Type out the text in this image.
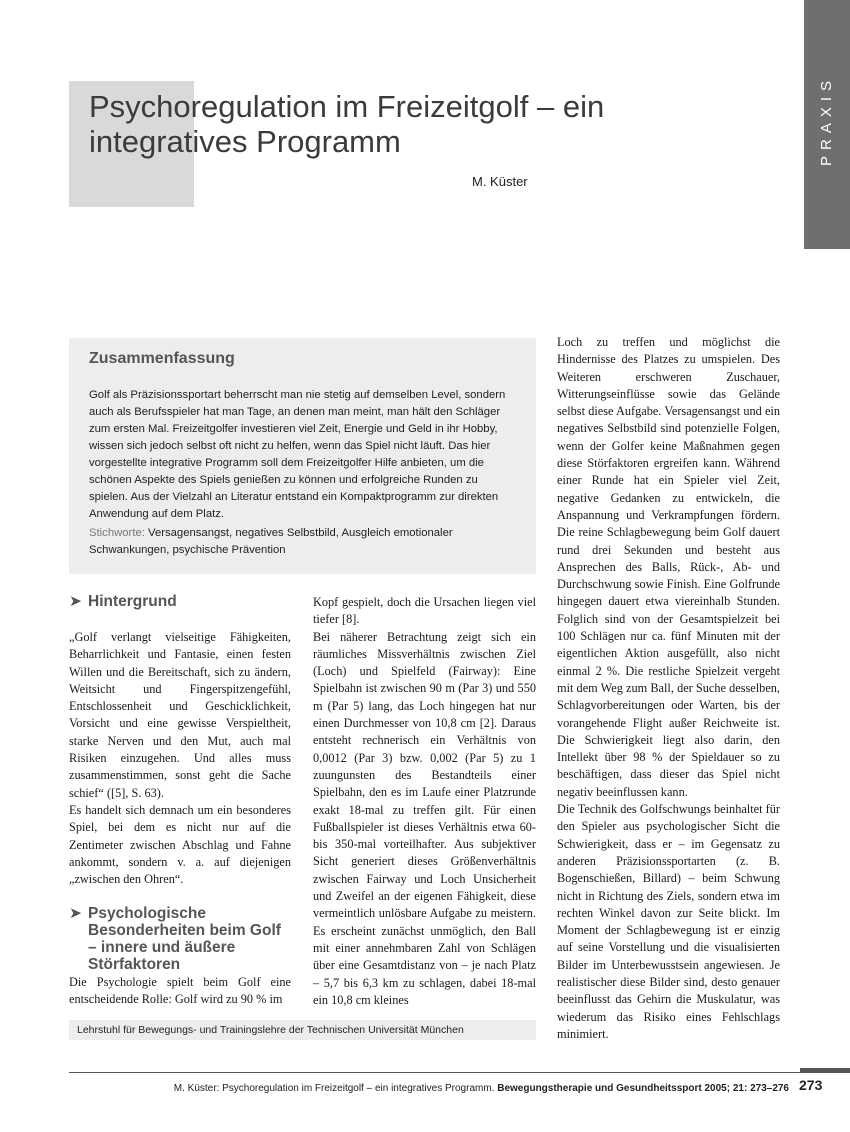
PRAXIS
Psychoregulation im Freizeitgolf – ein integratives Programm
M. Küster
Zusammenfassung

Golf als Präzisionssportart beherrscht man nie stetig auf demselben Level, sondern auch als Berufsspieler hat man Tage, an denen man meint, man hält den Schläger zum ersten Mal. Freizeitgolfer investieren viel Zeit, Energie und Geld in ihr Hobby, wissen sich jedoch selbst oft nicht zu helfen, wenn das Spiel nicht läuft. Das hier vorgestellte integrative Programm soll dem Freizeitgolfer Hilfe anbieten, um die schönen Aspekte des Spiels genießen zu können und erfolgreiche Runden zu spielen. Aus der Vielzahl an Literatur entstand ein Kompaktprogramm zur direkten Anwendung auf dem Platz.

Stichworte: Versagensangst, negatives Selbstbild, Ausgleich emotionaler Schwankungen, psychische Prävention

➤ Hintergrund

„Golf verlangt vielseitige Fähigkeiten, Beharrlichkeit und Fantasie, einen festen Willen und die Bereitschaft, sich zu ändern, Weitsicht und Fingerspitzengefühl, Entschlossenheit und Geschicklichkeit, Vorsicht und eine gewisse Verspieltheit, starke Nerven und den Mut, auch mal Risiken einzugehen. Und alles muss zusammenstimmen, sonst geht die Sache schief“ ([5], S. 63).

Es handelt sich demnach um ein besonderes Spiel, bei dem es nicht nur auf die Zentimeter zwischen Abschlag und Fahne ankommt, sondern v. a. auf diejenigen „zwischen den Ohren“.

➤ Psychologische Besonderheiten beim Golf – innere und äußere Störfaktoren

Die Psychologie spielt beim Golf eine entscheidende Rolle: Golf wird zu 90 % im

Kopf gespielt, doch die Ursachen liegen viel tiefer [8].

Bei näherer Betrachtung zeigt sich ein räumliches Missverhältnis zwischen Ziel (Loch) und Spielfeld (Fairway): Eine Spielbahn ist zwischen 90 m (Par 3) und 550 m (Par 5) lang, das Loch hingegen hat nur einen Durchmesser von 10,8 cm [2]. Daraus entsteht rechnerisch ein Verhältnis von 0,0012 (Par 3) bzw. 0,002 (Par 5) zu 1 zuungunsten des Bestandteils einer Spielbahn, den es im Laufe einer Platzrunde exakt 18-mal zu treffen gilt. Für einen Fußballspieler ist dieses Verhältnis etwa 60- bis 350-mal vorteilhafter. Aus subjektiver Sicht generiert dieses Größenverhältnis zwischen Fairway und Loch Unsicherheit und Zweifel an der eigenen Fähigkeit, diese vermeintlich unlösbare Aufgabe zu meistern. Es erscheint zunächst unmöglich, den Ball mit einer annehmbaren Zahl von Schlägen über eine Gesamtdistanz von – je nach Platz – 5,7 bis 6,3 km zu schlagen, dabei 18-mal ein 10,8 cm kleines

Loch zu treffen und möglichst die Hindernisse des Platzes zu umspielen. Des Weiteren erschweren Zuschauer, Witterungseinflüsse sowie das Gelände selbst diese Aufgabe. Versagensangst und ein negatives Selbstbild sind potenzielle Folgen, wenn der Golfer keine Maßnahmen gegen diese Störfaktoren ergreifen kann. Während einer Runde hat ein Spieler viel Zeit, negative Gedanken zu entwickeln, die Anspannung und Verkrampfungen fördern. Die reine Schlagbewegung beim Golf dauert rund drei Sekunden und besteht aus Ansprechen des Balls, Rück-, Ab- und Durchschwung sowie Finish. Eine Golfrunde hingegen dauert etwa viereinhalb Stunden. Folglich sind von der Gesamtspielzeit bei 100 Schlägen nur ca. fünf Minuten mit der eigentlichen Aktion ausgefüllt, also nicht einmal 2 %. Die restliche Spielzeit vergeht mit dem Weg zum Ball, der Suche desselben, Schlagvorbereitungen oder Warten, bis der vorangehende Flight außer Reichweite ist. Die Schwierigkeit liegt also darin, den Intellekt über 98 % der Spieldauer so zu beschäftigen, dass dieser das Spiel nicht negativ beeinflussen kann.

Die Technik des Golfschwungs beinhaltet für den Spieler aus psychologischer Sicht die Schwierigkeit, dass er – im Gegensatz zu anderen Präzisionssportarten (z. B. Bogenschießen, Billard) – beim Schwung nicht in Richtung des Ziels, sondern etwa im rechten Winkel davon zur Seite blickt. Im Moment der Schlagbewegung ist er einzig auf seine Vorstellung und die visualisierten Bilder im Unterbewusstsein angewiesen. Je realistischer diese Bilder sind, desto genauer beeinflusst das Gehirn die Muskulatur, was wiederum das Risiko eines Fehlschlags minimiert.

Lehrstuhl für Bewegungs- und Trainingslehre der Technischen Universität München
M. Küster: Psychoregulation im Freizeitgolf – ein integratives Programm. Bewegungstherapie und Gesundheitssport 2005; 21: 273–276 273
